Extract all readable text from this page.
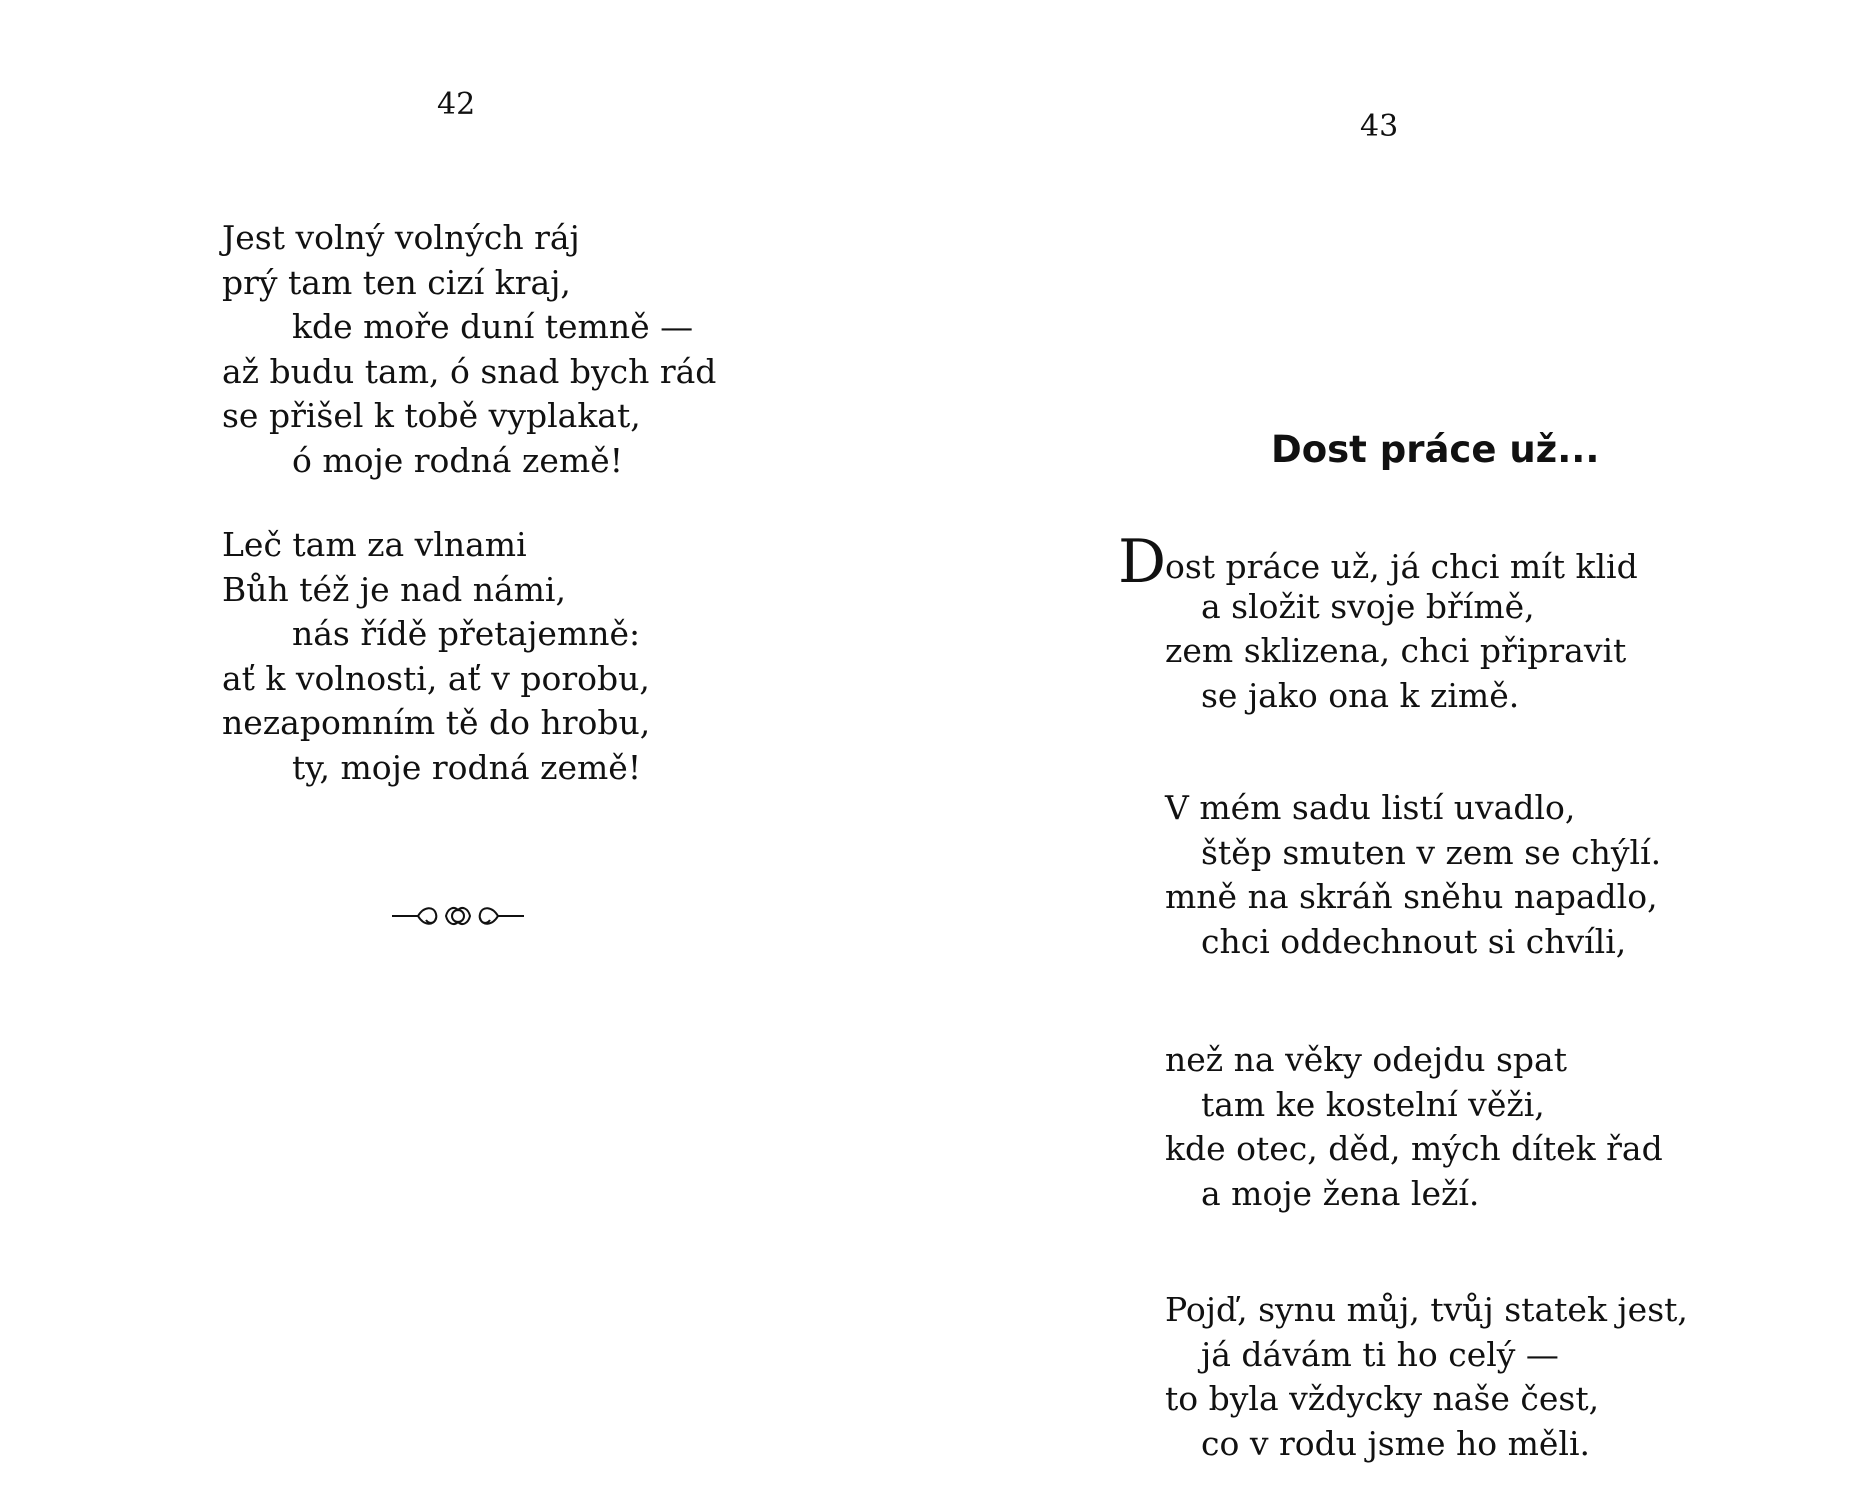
42
Jest volný volných ráj
prý tam ten cizí kraj,
kde moře duní temně —
až budu tam, ó snad bych rád
se přišel k tobě vyplakat,
ó moje rodná země!
Leč tam za vlnami
Bůh též je nad námi,
nás řídě přetajemně:
ať k volnosti, ať v porobu,
nezapomním tě do hrobu,
ty, moje rodná země!
43
Dost práce už...
Dost práce už, já chci mít klid
a složit svoje břímě,
zem sklizena, chci připravit
se jako ona k zimě.
V mém sadu listí uvadlo,
štěp smuten v zem se chýlí.
mně na skráň sněhu napadlo,
chci oddechnout si chvíli,
než na věky odejdu spat
tam ke kostelní věži,
kde otec, děd, mých dítek řad
a moje žena leží.
Pojď, synu můj, tvůj statek jest,
já dávám ti ho celý —
to byla vždycky naše čest,
co v rodu jsme ho měli.
